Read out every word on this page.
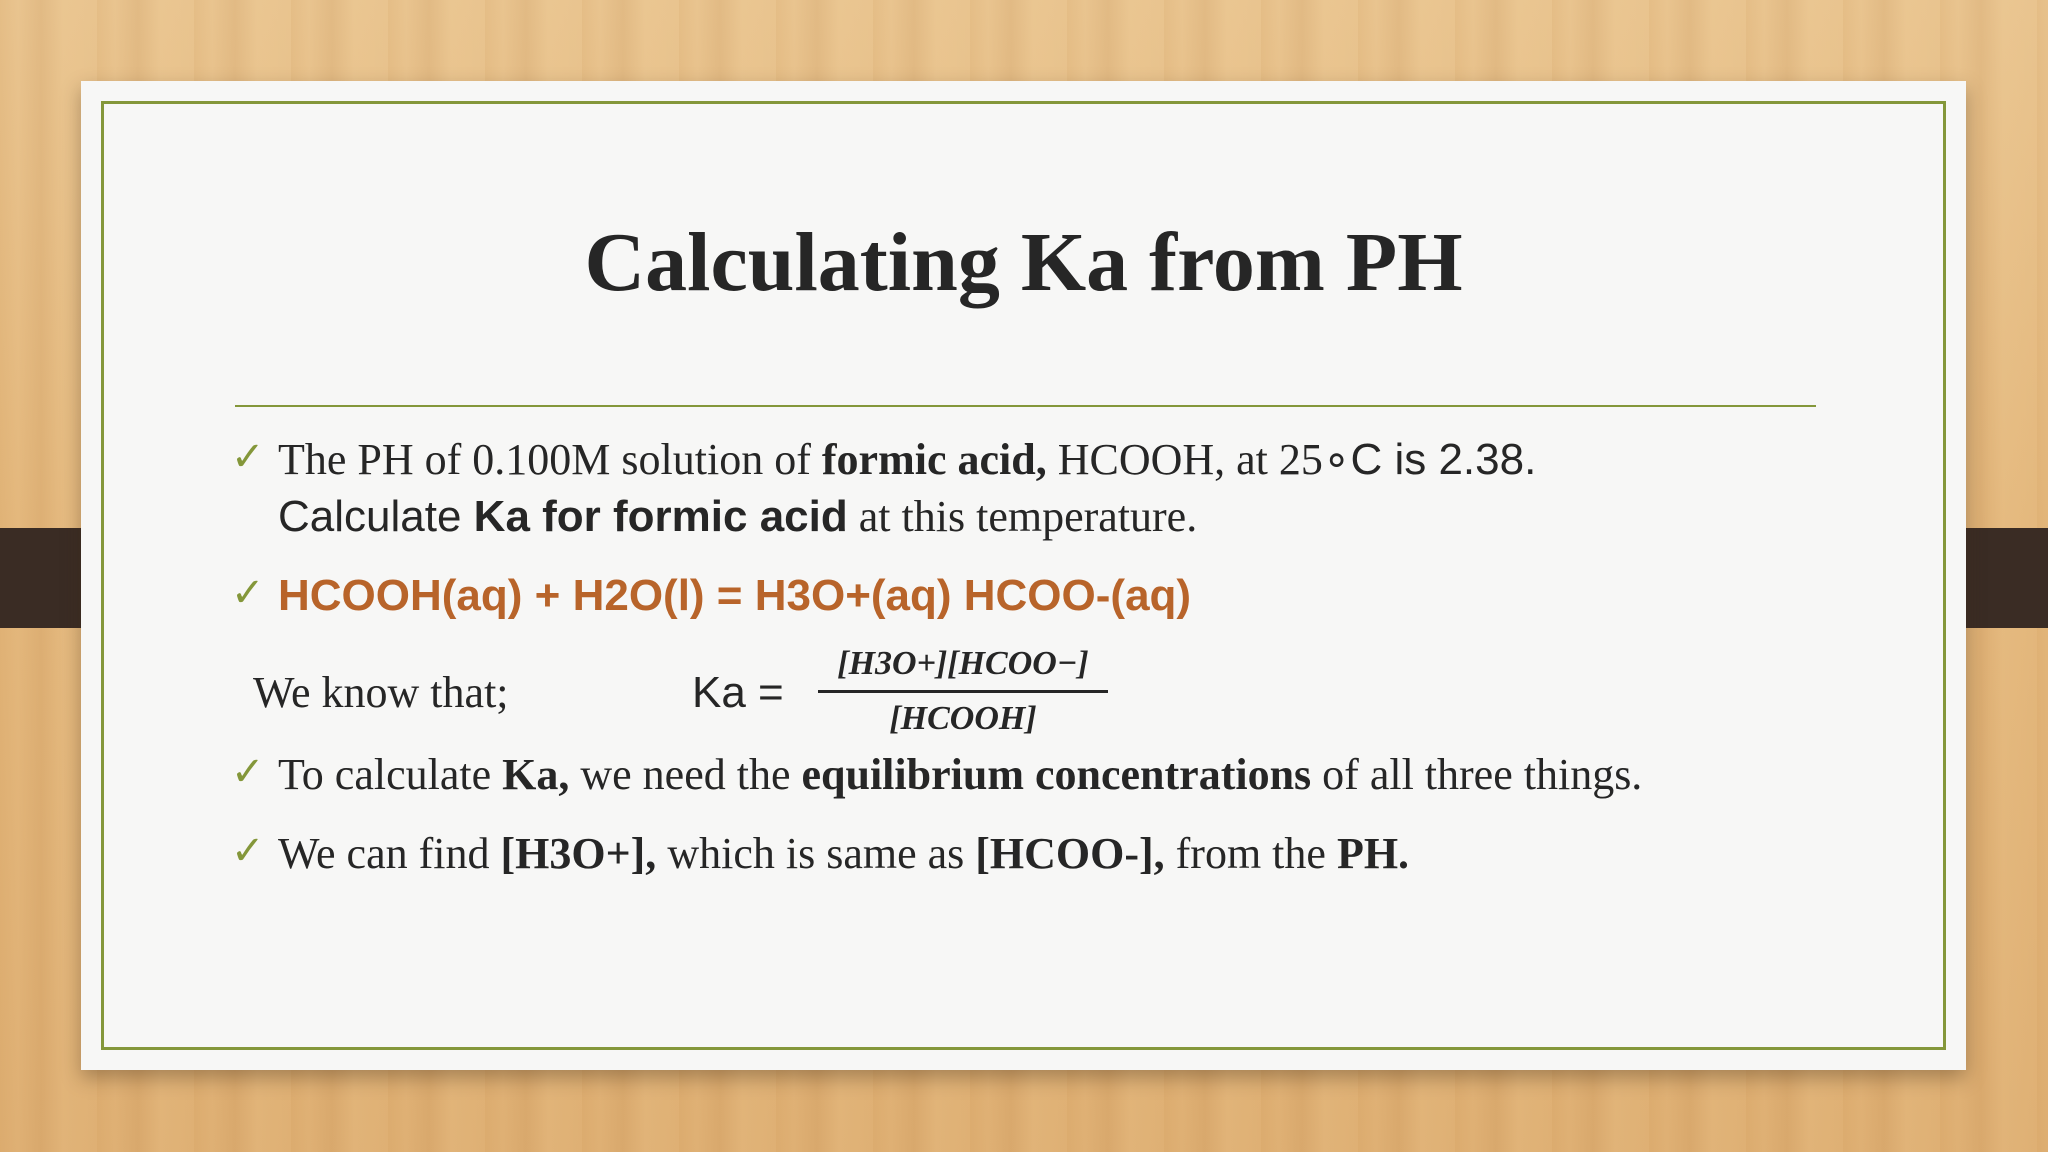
Calculating Ka from PH
✓ The PH of 0.100M solution of formic acid, HCOOH, at 25∘C is 2.38.
Calculate Ka for formic acid at this temperature.
✓ HCOOH(aq) + H2O(l) = H3O+(aq) HCOO-(aq)
We know that;	Ka =
[H3O+][HCOO−]
[HCOOH]
✓ To calculate Ka, we need the equilibrium concentrations of all three things.
✓ We can find [H3O+], which is same as [HCOO-], from the PH.
